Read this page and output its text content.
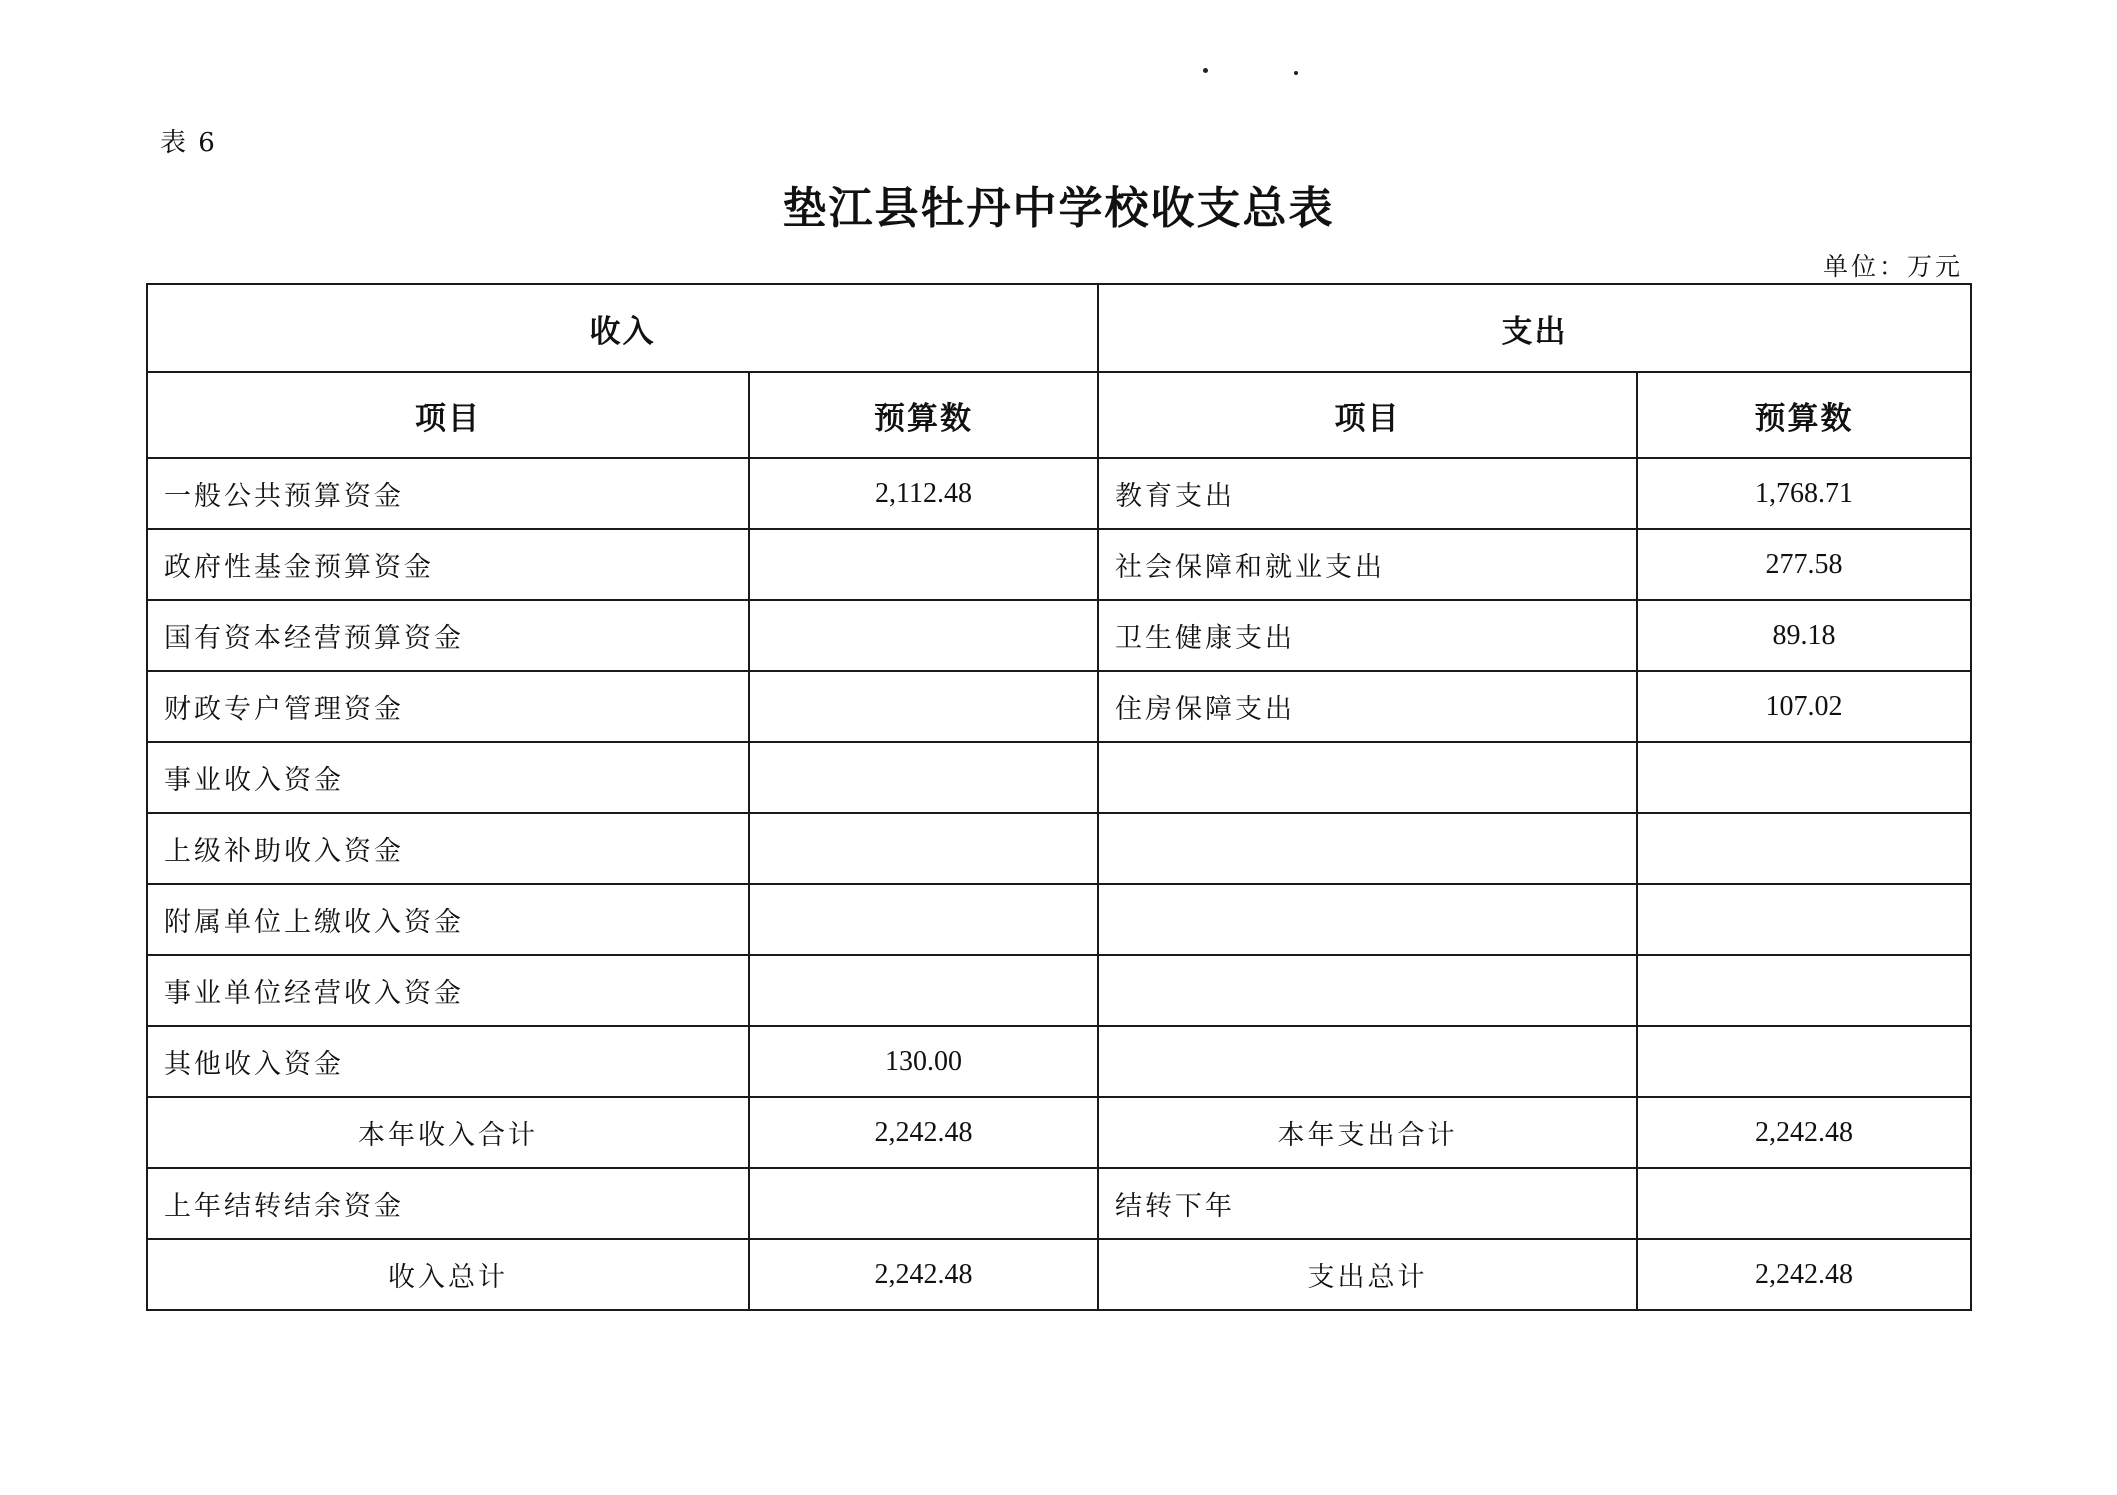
表 6
垫江县牡丹中学校收支总表
单位：万元
收入		支出	
项目	预算数	项目	预算数
一般公共预算资金	2,112.48	教育支出	1,768.71
政府性基金预算资金		社会保障和就业支出	277.58
国有资本经营预算资金		卫生健康支出	89.18
财政专户管理资金		住房保障支出	107.02
事业收入资金			
上级补助收入资金			
附属单位上缴收入资金			
事业单位经营收入资金			
其他收入资金	130.00		
本年收入合计	2,242.48	本年支出合计	2,242.48
上年结转结余资金		结转下年	
收入总计	2,242.48	支出总计	2,242.48
